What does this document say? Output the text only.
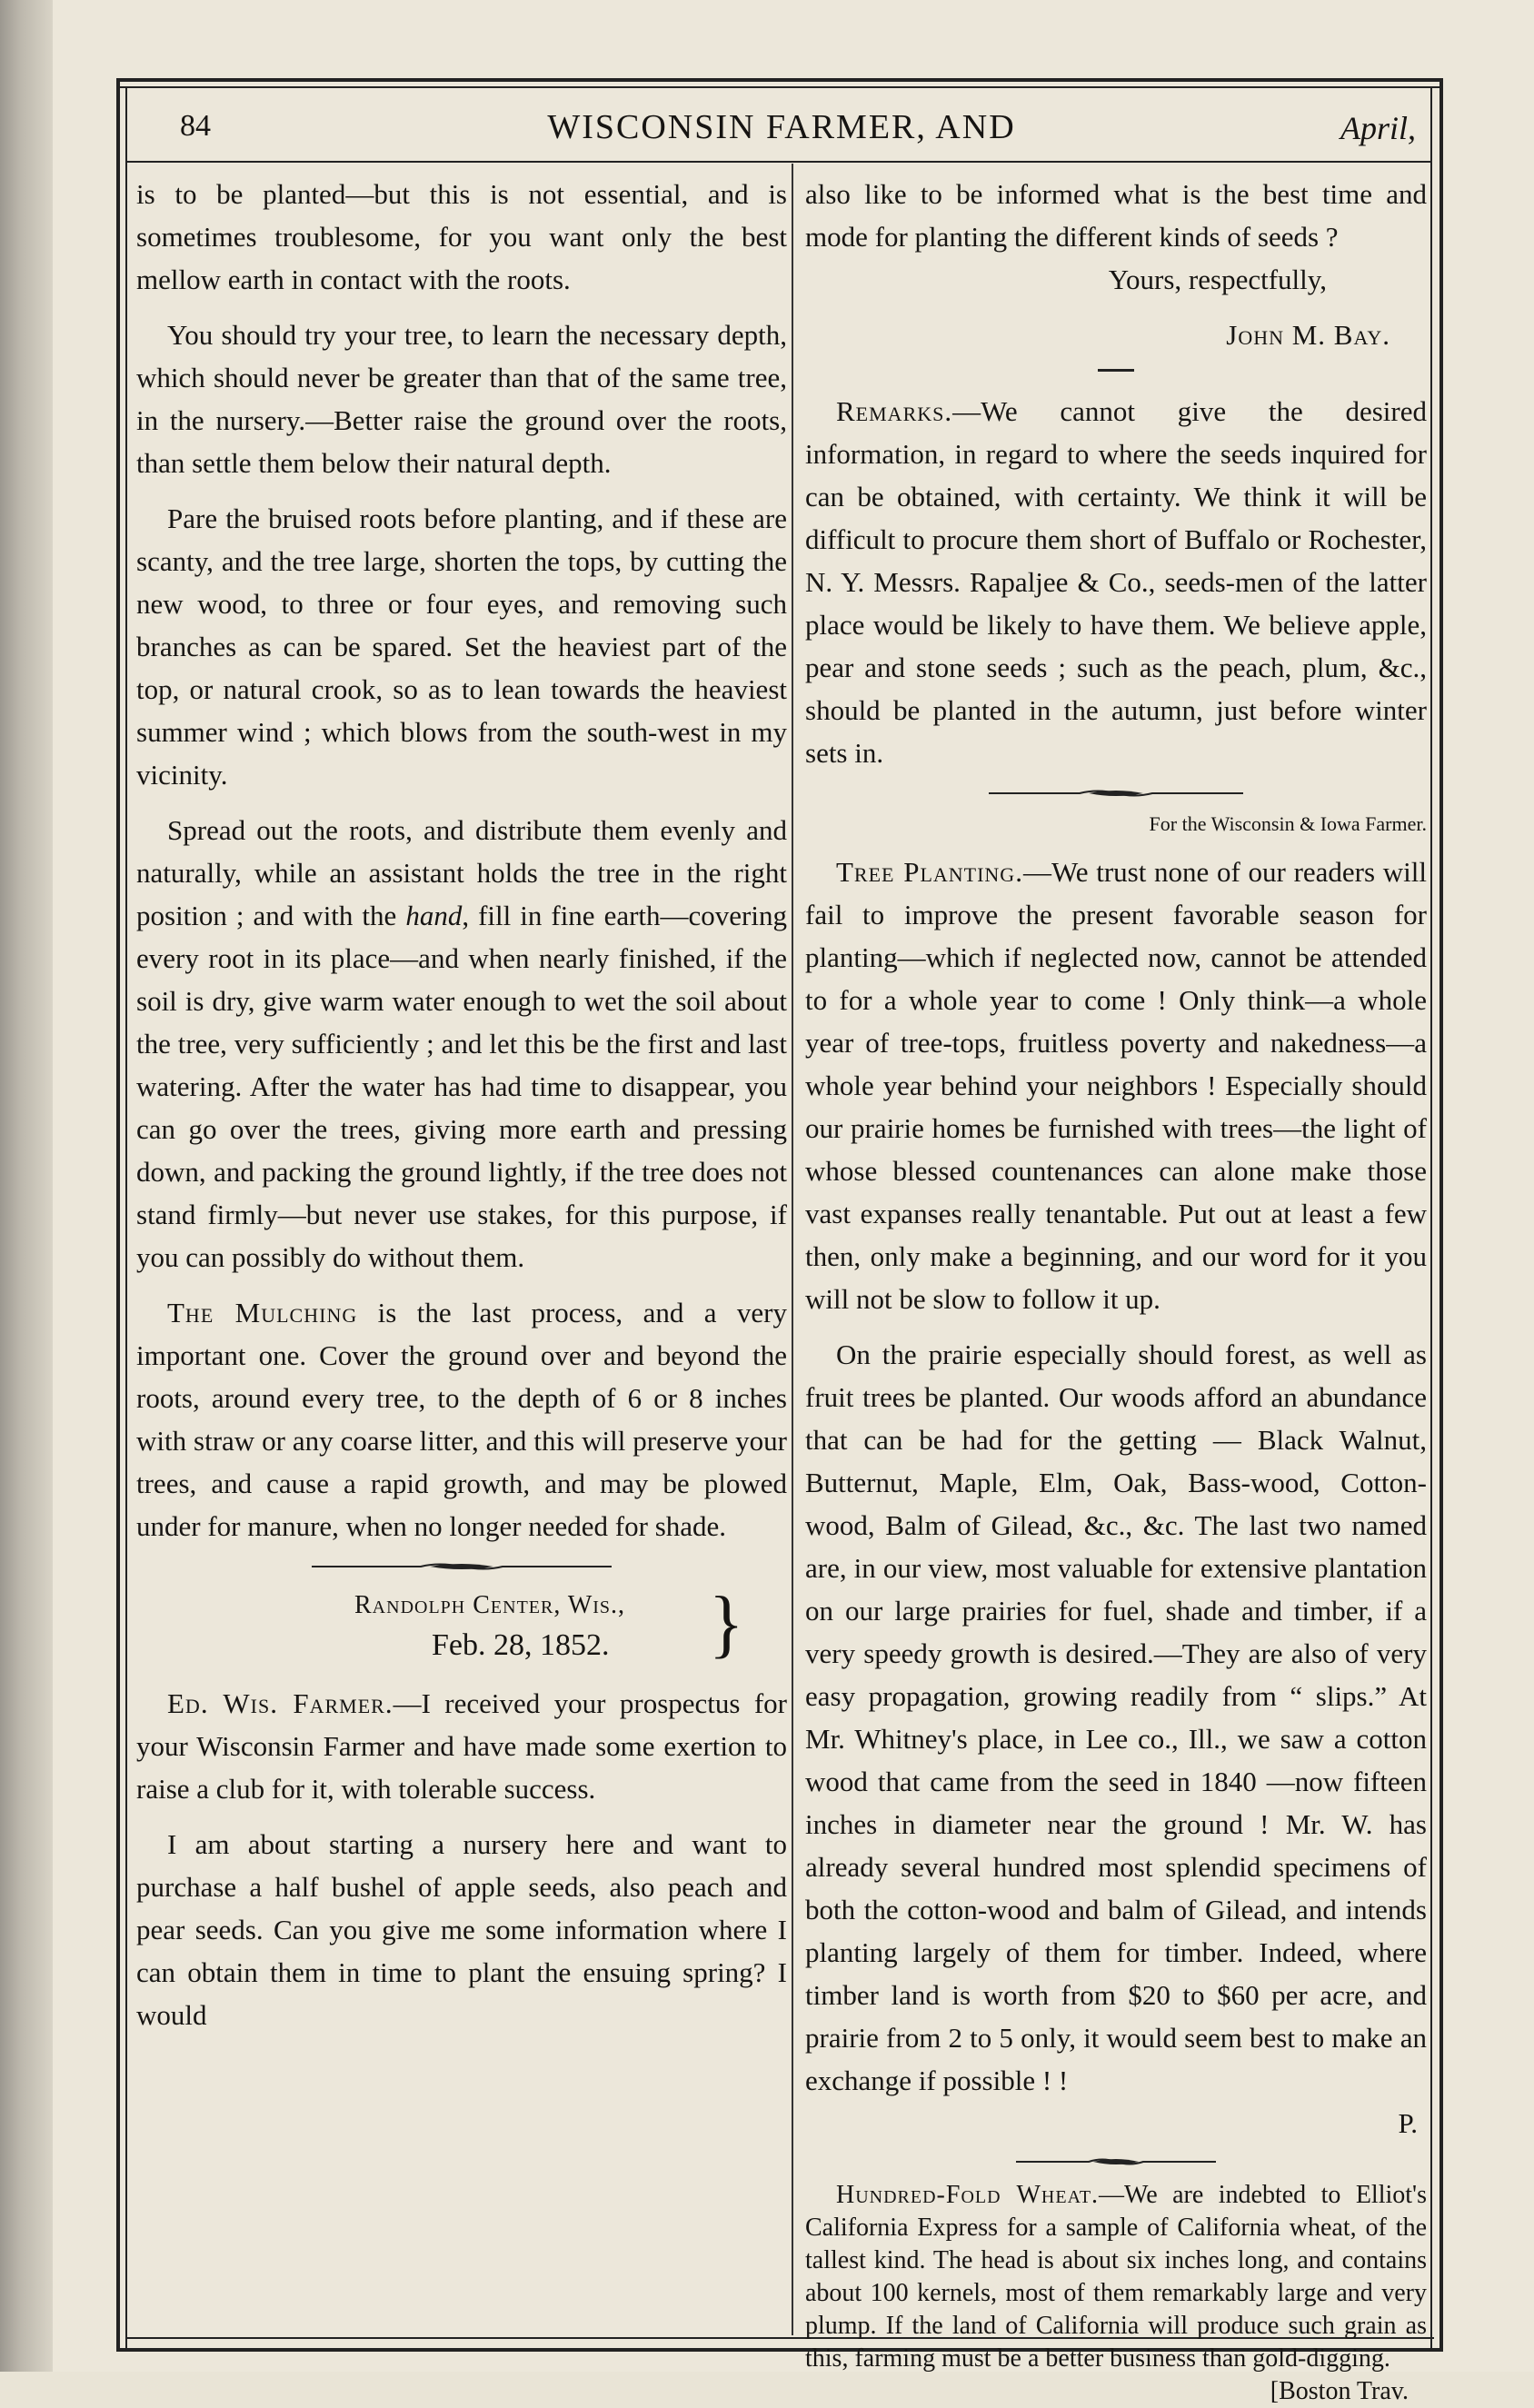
84	WISCONSIN FARMER, AND	April,

is to be planted—but this is not essential, and is sometimes troublesome, for you want only the best mellow earth in contact with the roots.

You should try your tree, to learn the necessary depth, which should never be greater than that of the same tree, in the nursery.—Better raise the ground over the roots, than settle them below their natural depth.

Pare the bruised roots before planting, and if these are scanty, and the tree large, shorten the tops, by cutting the new wood, to three or four eyes, and removing such branches as can be spared. Set the heaviest part of the top, or natural crook, so as to lean towards the heaviest summer wind ; which blows from the south-west in my vicinity.

Spread out the roots, and distribute them evenly and naturally, while an assistant holds the tree in the right position ; and with the hand, fill in fine earth—covering every root in its place—and when nearly finished, if the soil is dry, give warm water enough to wet the soil about the tree, very sufficiently ; and let this be the first and last watering. After the water has had time to disappear, you can go over the trees, giving more earth and pressing down, and packing the ground lightly, if the tree does not stand firmly—but never use stakes, for this purpose, if you can possibly do without them.

The Mulching is the last process, and a very important one. Cover the ground over and beyond the roots, around every tree, to the depth of 6 or 8 inches with straw or any coarse litter, and this will preserve your trees, and cause a rapid growth, and may be plowed under for manure, when no longer needed for shade.

Randolph Center, Wis.,
Feb. 28, 1852. }

Ed. Wis. Farmer.—I received your prospectus for your Wisconsin Farmer and have made some exertion to raise a club for it, with tolerable success.

I am about starting a nursery here and want to purchase a half bushel of apple seeds, also peach and pear seeds. Can you give me some information where I can obtain them in time to plant the ensuing spring? I would

also like to be informed what is the best time and mode for planting the different kinds of seeds ?

Yours, respectfully,

John M. Bay.

Remarks.—We cannot give the desired information, in regard to where the seeds inquired for can be obtained, with certainty. We think it will be difficult to procure them short of Buffalo or Rochester, N. Y. Messrs. Rapaljee & Co., seeds-men of the latter place would be likely to have them. We believe apple, pear and stone seeds ; such as the peach, plum, &c., should be planted in the autumn, just before winter sets in.

For the Wisconsin & Iowa Farmer.

Tree Planting.—We trust none of our readers will fail to improve the present favorable season for planting—which if neglected now, cannot be attended to for a whole year to come ! Only think—a whole year of tree-tops, fruitless poverty and nakedness—a whole year behind your neighbors ! Especially should our prairie homes be furnished with trees—the light of whose blessed countenances can alone make those vast expanses really tenantable. Put out at least a few then, only make a beginning, and our word for it you will not be slow to follow it up.

On the prairie especially should forest, as well as fruit trees be planted. Our woods afford an abundance that can be had for the getting — Black Walnut, Butternut, Maple, Elm, Oak, Bass-wood, Cotton-wood, Balm of Gilead, &c., &c. The last two named are, in our view, most valuable for extensive plantation on our large prairies for fuel, shade and timber, if a very speedy growth is desired.—They are also of very easy propagation, growing readily from “ slips.” At Mr. Whitney's place, in Lee co., Ill., we saw a cotton wood that came from the seed in 1840 —now fifteen inches in diameter near the ground ! Mr. W. has already several hundred most splendid specimens of both the cotton-wood and balm of Gilead, and intends planting largely of them for timber. Indeed, where timber land is worth from $20 to $60 per acre, and prairie from 2 to 5 only, it would seem best to make an exchange if possible ! !

P.

Hundred-Fold Wheat.—We are indebted to Elliot's California Express for a sample of California wheat, of the tallest kind. The head is about six inches long, and contains about 100 kernels, most of them remarkably large and very plump. If the land of California will produce such grain as this, farming must be a better business than gold-digging.
[Boston Trav.
